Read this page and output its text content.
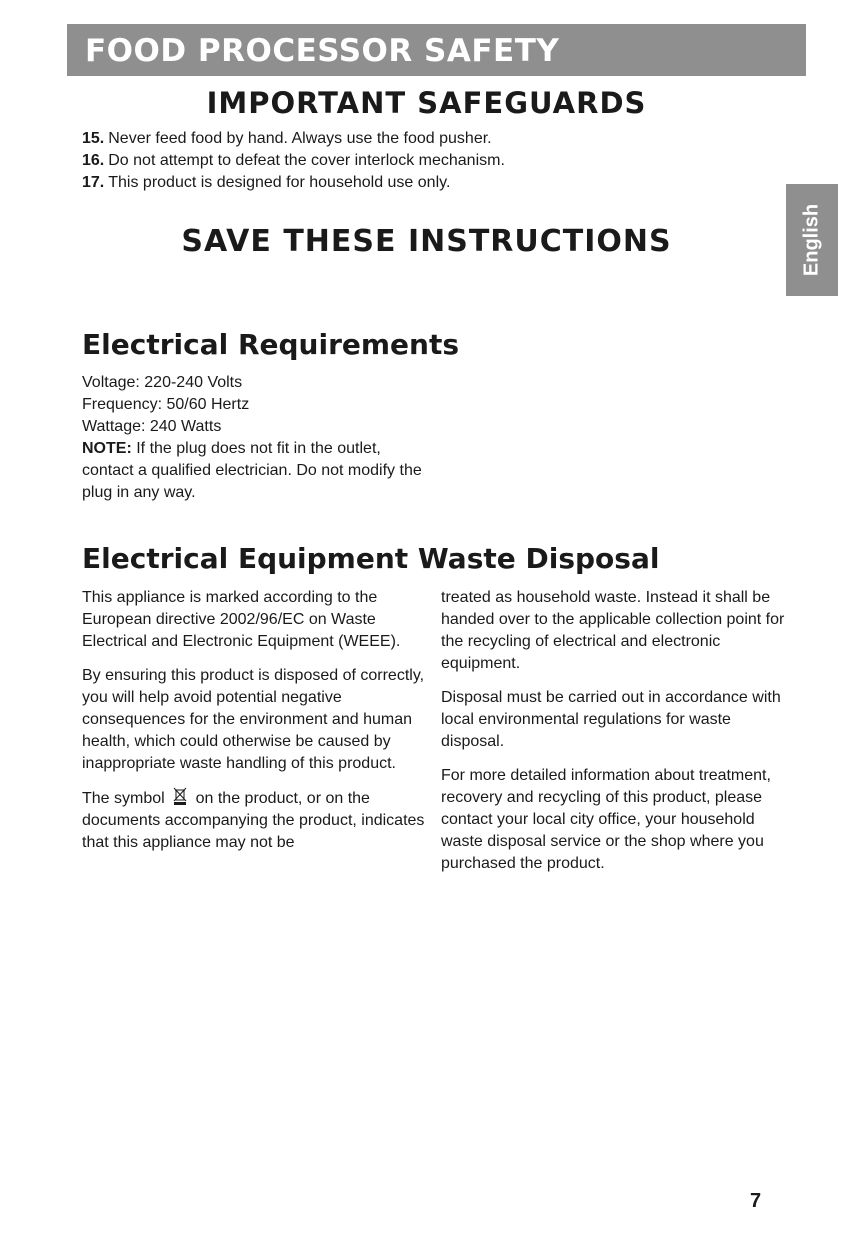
FOOD PROCESSOR SAFETY
IMPORTANT SAFEGUARDS
15. Never feed food by hand. Always use the food pusher.
16. Do not attempt to defeat the cover interlock mechanism.
17. This product is designed for household use only.
SAVE THESE INSTRUCTIONS	English
Electrical Requirements

Voltage: 220-240 Volts

Frequency: 50/60 Hertz

Wattage: 240 Watts

NOTE: If the plug does not fit in the outlet, contact a qualified electrician. Do not modify the plug in any way.

Electrical Equipment Waste Disposal

This appliance is marked according to the European directive 2002/96/EC on Waste Electrical and Electronic Equipment (WEEE).

By ensuring this product is disposed of correctly, you will help avoid potential negative consequences for the environment and human health, which could otherwise be caused by inappropriate waste handling of this product.

The symbol on the product, or on the documents accompanying the product, indicates that this appliance may not be

treated as household waste. Instead it shall be handed over to the applicable collection point for the recycling of electrical and electronic equipment.

Disposal must be carried out in accordance with local environmental regulations for waste disposal.

For more detailed information about treatment, recovery and recycling of this product, please contact your local city office, your household waste disposal service or the shop where you purchased the product.

7
